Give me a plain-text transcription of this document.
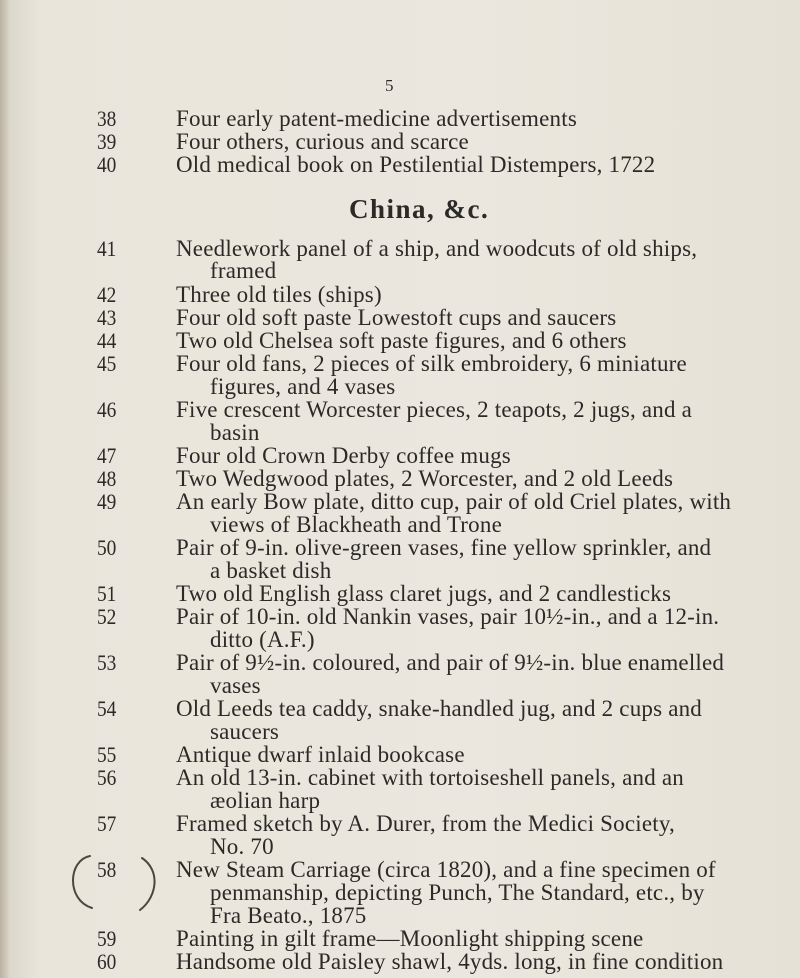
5
38	Four early patent-medicine advertisements
39	Four others, curious and scarce
40	Old medical book on Pestilential Distempers, 1722
China, &c.
41	Needlework panel of a ship, and woodcuts of old ships,
framed
42	Three old tiles (ships)
43	Four old soft paste Lowestoft cups and saucers
44	Two old Chelsea soft paste figures, and 6 others
45	Four old fans, 2 pieces of silk embroidery, 6 miniature
figures, and 4 vases
46	Five crescent Worcester pieces, 2 teapots, 2 jugs, and a
basin
47	Four old Crown Derby coffee mugs
48	Two Wedgwood plates, 2 Worcester, and 2 old Leeds
49	An early Bow plate, ditto cup, pair of old Criel plates, with
views of Blackheath and Trone
50	Pair of 9-in. olive-green vases, fine yellow sprinkler, and
a basket dish
51	Two old English glass claret jugs, and 2 candlesticks
52	Pair of 10-in. old Nankin vases, pair 10½-in., and a 12-in.
ditto (A.F.)
53	Pair of 9½-in. coloured, and pair of 9½-in. blue enamelled
vases
54	Old Leeds tea caddy, snake-handled jug, and 2 cups and
saucers
55	Antique dwarf inlaid bookcase
56	An old 13-in. cabinet with tortoiseshell panels, and an
æolian harp
57	Framed sketch by A. Durer, from the Medici Society,
No. 70
58	New Steam Carriage (circa 1820), and a fine specimen of
penmanship, depicting Punch, The Standard, etc., by
Fra Beato., 1875
59	Painting in gilt frame—Moonlight shipping scene
60	Handsome old Paisley shawl, 4yds. long, in fine condition
